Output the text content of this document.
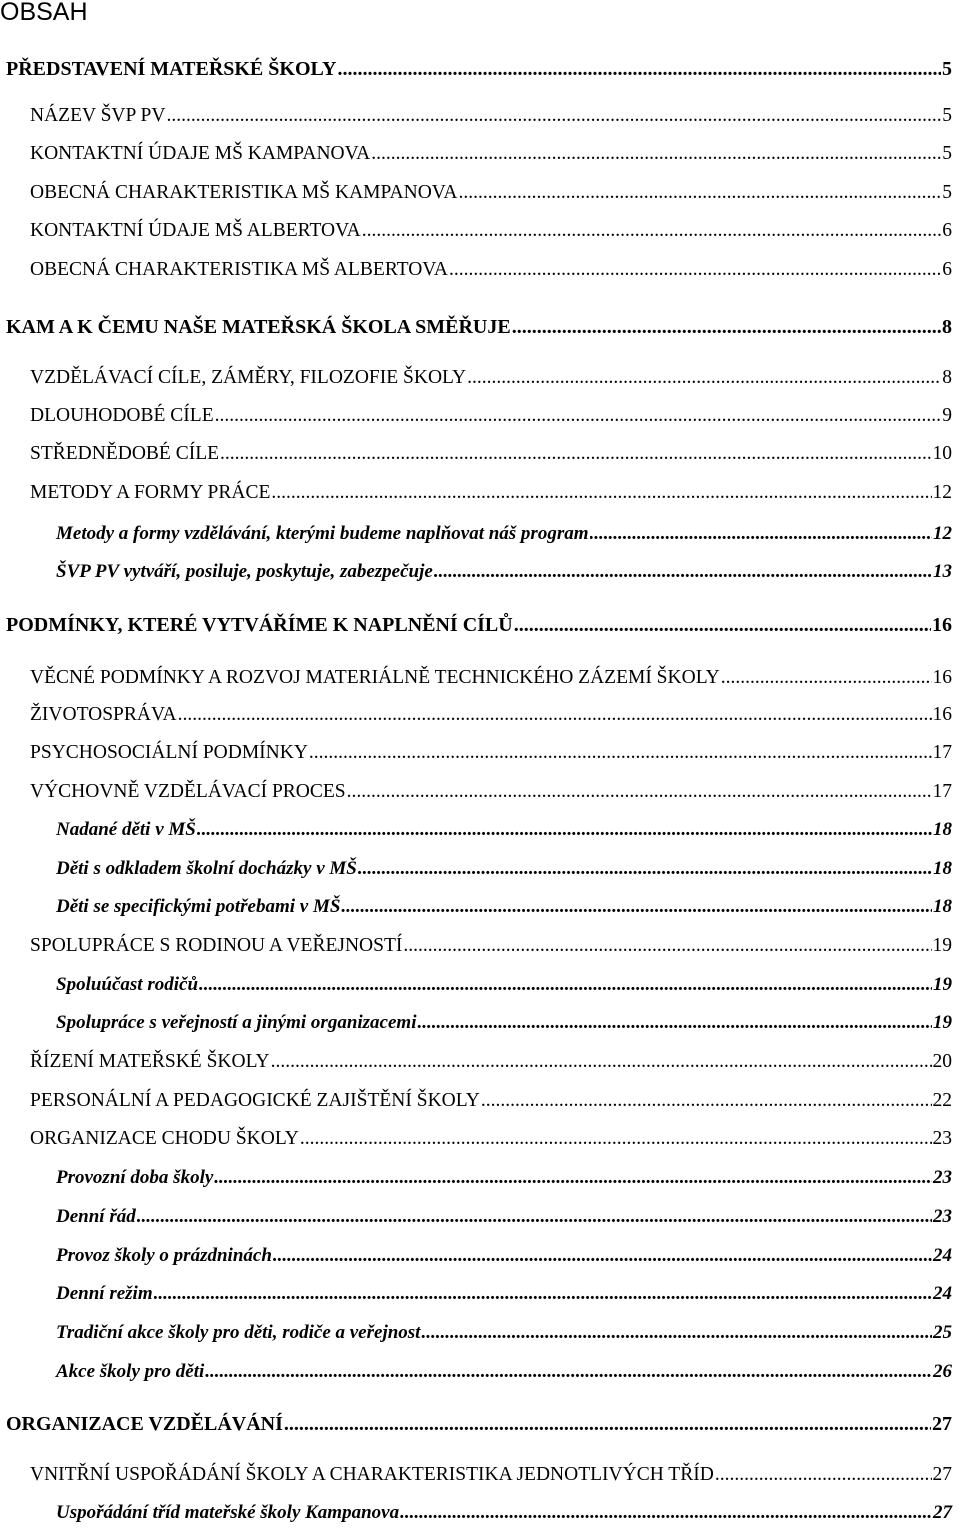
OBSAH
PŘEDSTAVENÍ MATEŘSKÉ ŠKOLY .....	5
NÁZEV ŠVP PV .....	5
KONTAKTNÍ ÚDAJE MŠ KAMPANOVA .....	5
OBECNÁ CHARAKTERISTIKA MŠ KAMPANOVA .....	5
KONTAKTNÍ ÚDAJE MŠ ALBERTOVA .....	6
OBECNÁ CHARAKTERISTIKA MŠ ALBERTOVA .....	6
KAM A K ČEMU NAŠE MATEŘSKÁ ŠKOLA SMĚŘUJE .....	8
VZDĚLÁVACÍ CÍLE, ZÁMĚRY, FILOZOFIE ŠKOLY .....	8
DLOUHODOBÉ CÍLE .....	9
STŘEDNĚDOBÉ CÍLE .....	10
METODY A FORMY PRÁCE .....	12
Metody a formy vzdělávání, kterými budeme naplňovat náš program .....	12
ŠVP PV vytváří, posiluje, poskytuje, zabezpečuje .....	13
PODMÍNKY, KTERÉ VYTVÁŘÍME K NAPLNĚNÍ CÍLŮ .....	16
VĚCNÉ PODMÍNKY A ROZVOJ MATERIÁLNĚ TECHNICKÉHO ZÁZEMÍ ŠKOLY .....	16
ŽIVOTOSPRÁVA .....	16
PSYCHOSOCIÁLNÍ PODMÍNKY .....	17
VÝCHOVNĚ VZDĚLÁVACÍ PROCES .....	17
Nadané děti v MŠ .....	18
Děti s odkladem školní docházky v MŠ .....	18
Děti se specifickými potřebami v MŠ .....	18
SPOLUPRÁCE S RODINOU A VEŘEJNOSTÍ .....	19
Spoluúčast rodičů .....	19
Spolupráce s veřejností a jinými organizacemi .....	19
ŘÍZENÍ MATEŘSKÉ ŠKOLY .....	20
PERSONÁLNÍ A PEDAGOGICKÉ ZAJIŠTĚNÍ ŠKOLY .....	22
ORGANIZACE CHODU ŠKOLY .....	23
Provozní doba školy .....	23
Denní řád .....	23
Provoz školy o prázdninách .....	24
Denní režim .....	24
Tradiční akce školy pro děti, rodiče a veřejnost .....	25
Akce školy pro děti .....	26
ORGANIZACE VZDĚLÁVÁNÍ .....	27
VNITŘNÍ USPOŘÁDÁNÍ ŠKOLY A CHARAKTERISTIKA JEDNOTLIVÝCH TŘÍD .....	27
Uspořádání tříd mateřské školy Kampanova .....	27
